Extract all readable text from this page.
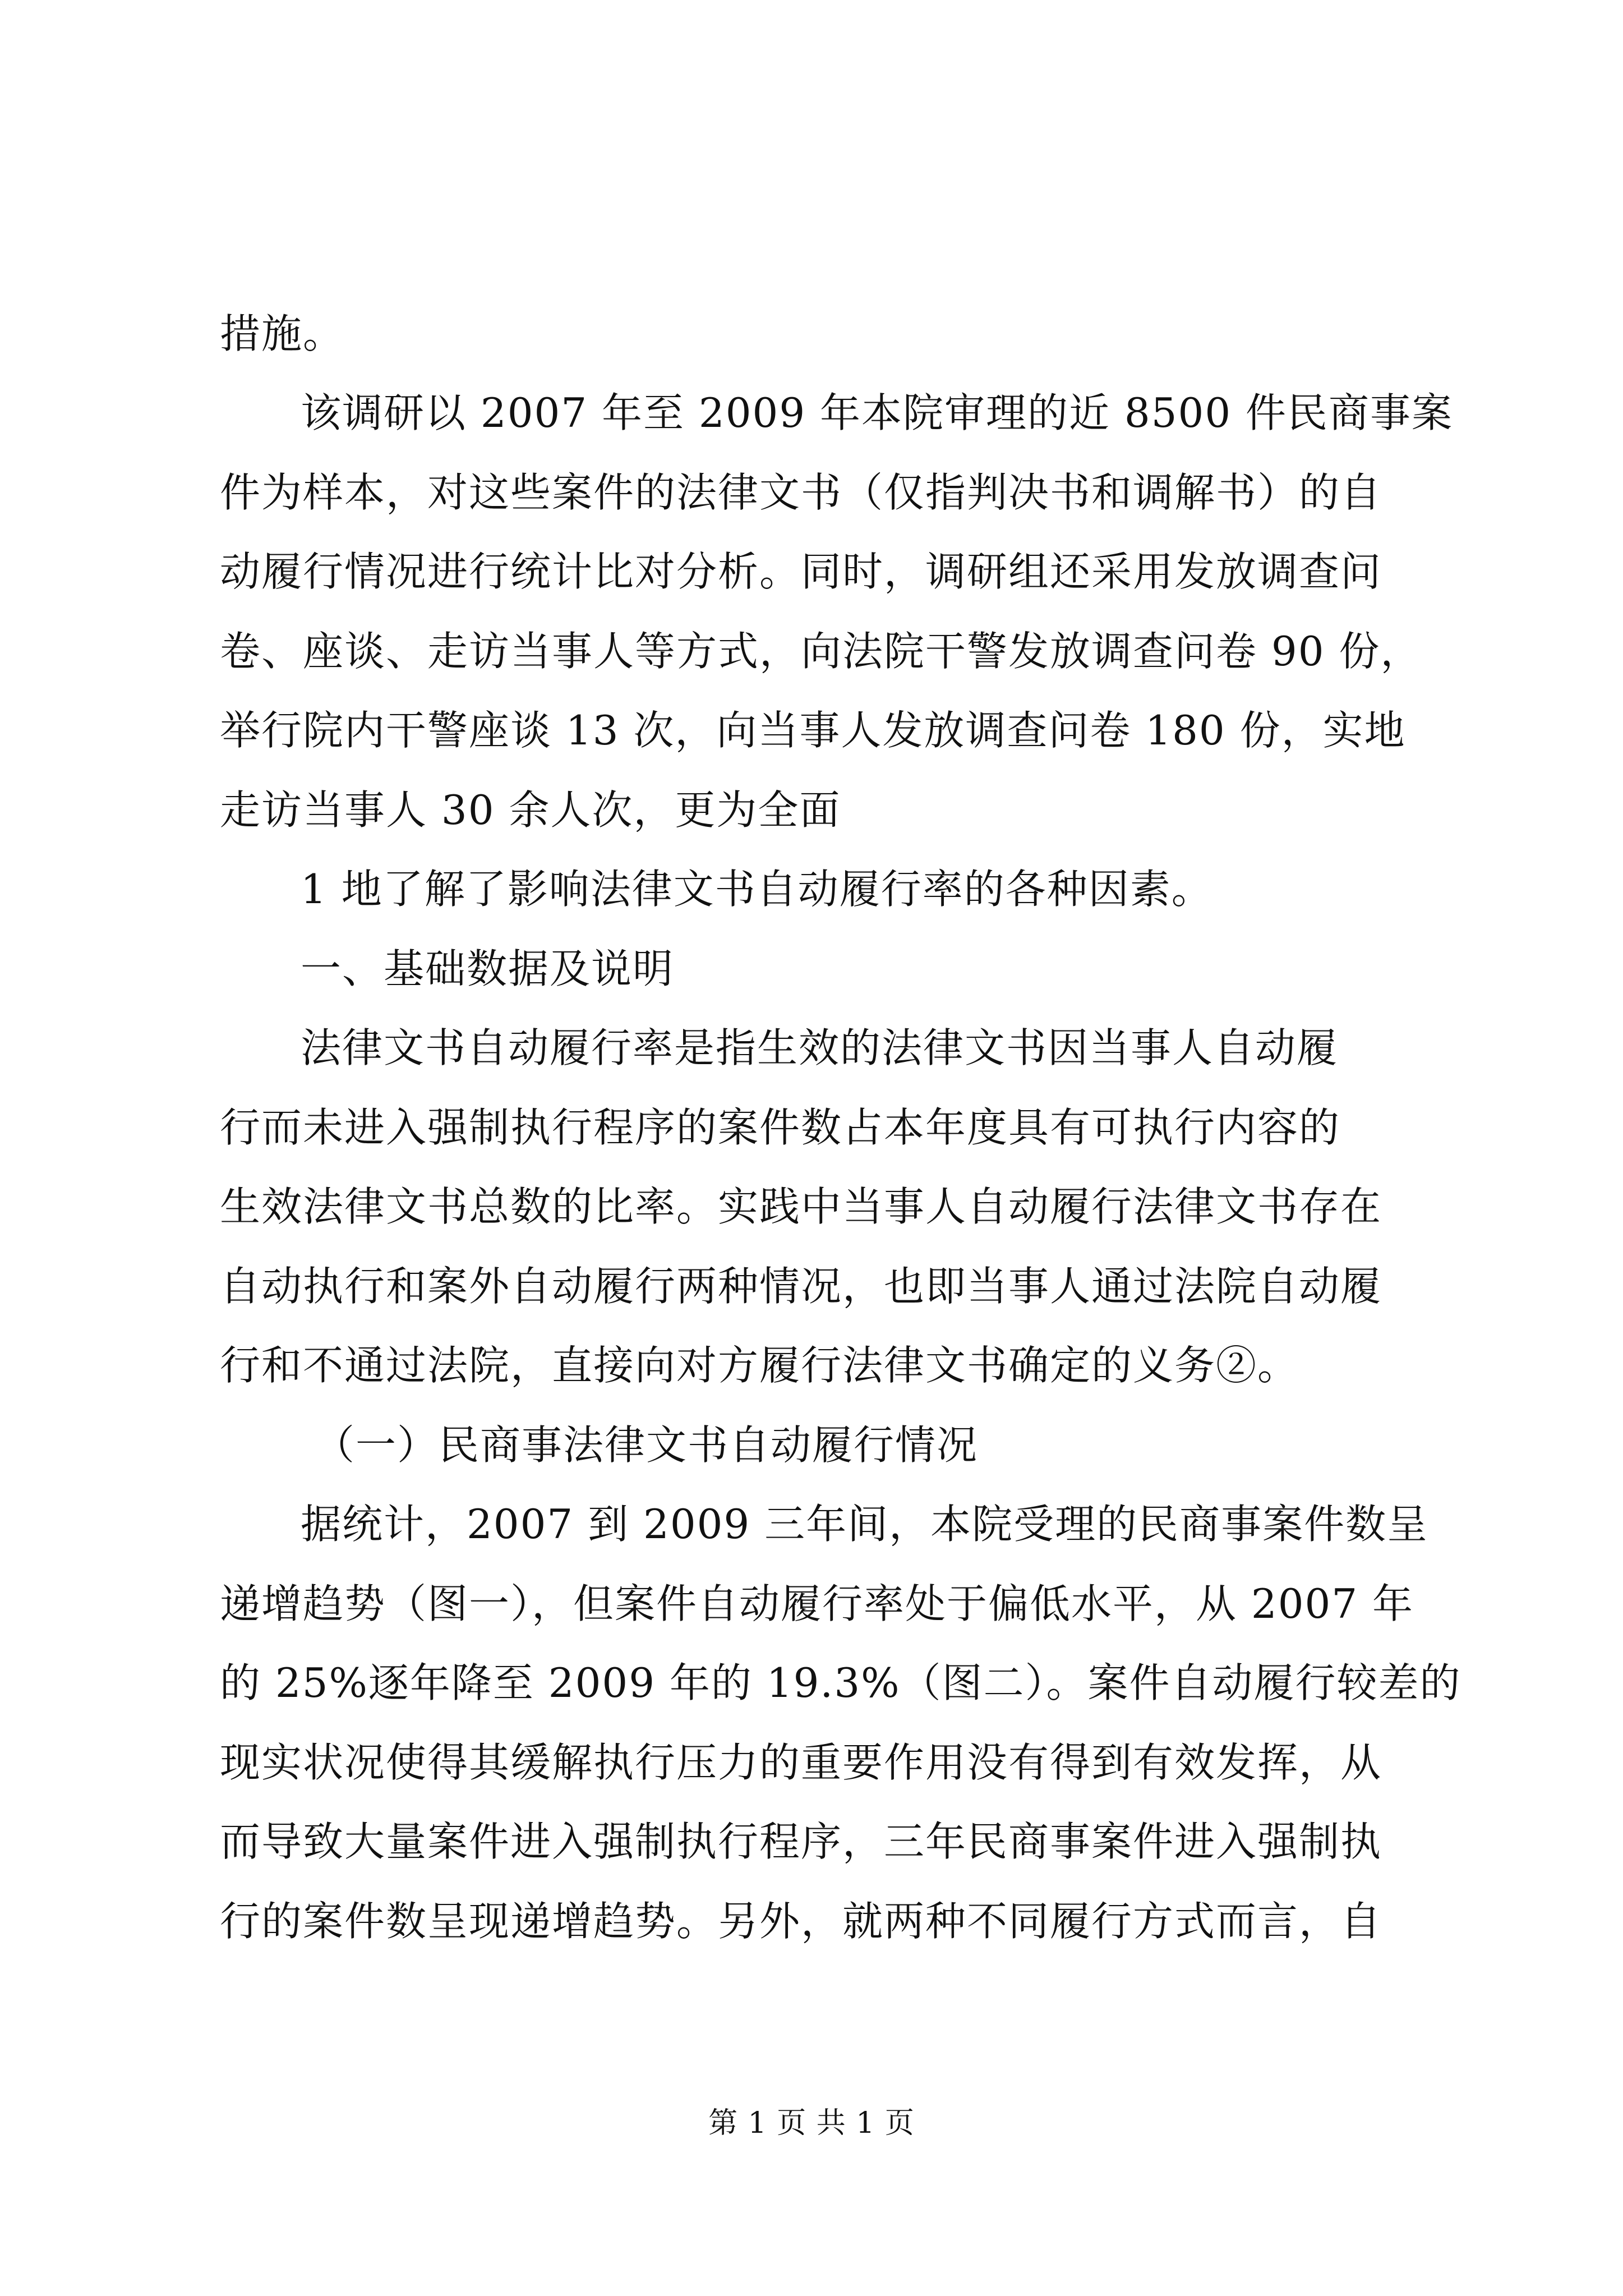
措施。
该调研以 2007 年至 2009 年本院审理的近 8500 件民商事案
件为样本，对这些案件的法律文书（仅指判决书和调解书）的自
动履行情况进行统计比对分析。同时，调研组还采用发放调查问
卷、座谈、走访当事人等方式，向法院干警发放调查问卷 90 份，
举行院内干警座谈 13 次，向当事人发放调查问卷 180 份，实地
走访当事人 30 余人次，更为全面
1 地了解了影响法律文书自动履行率的各种因素。
一、基础数据及说明
法律文书自动履行率是指生效的法律文书因当事人自动履
行而未进入强制执行程序的案件数占本年度具有可执行内容的
生效法律文书总数的比率。实践中当事人自动履行法律文书存在
自动执行和案外自动履行两种情况，也即当事人通过法院自动履
行和不通过法院，直接向对方履行法律文书确定的义务②。
（一）民商事法律文书自动履行情况
据统计，2007 到 2009 三年间，本院受理的民商事案件数呈
递增趋势（图一），但案件自动履行率处于偏低水平，从 2007 年
的 25%逐年降至 2009 年的 19.3%（图二）。案件自动履行较差的
现实状况使得其缓解执行压力的重要作用没有得到有效发挥，从
而导致大量案件进入强制执行程序，三年民商事案件进入强制执
行的案件数呈现递增趋势。另外，就两种不同履行方式而言，自
第 1 页 共 1 页
